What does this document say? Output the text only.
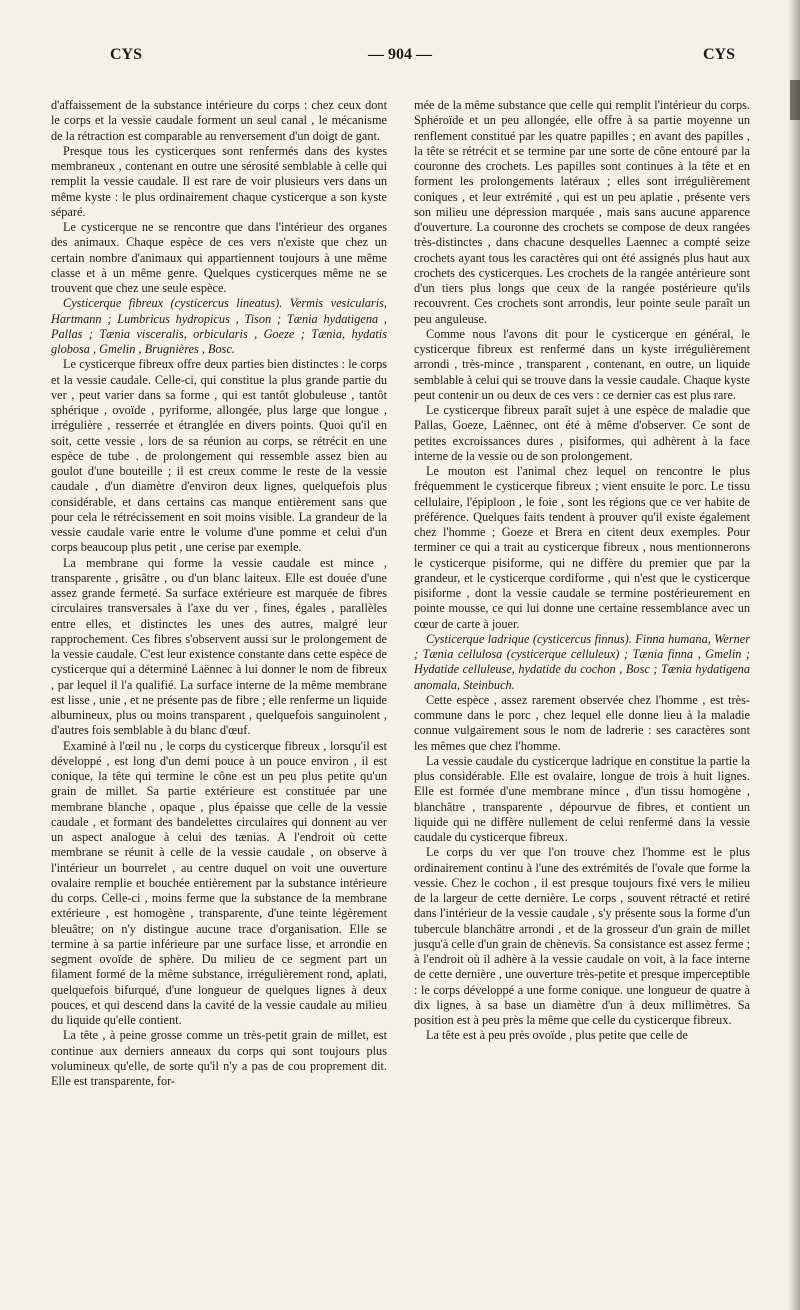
CYS	— 904 —	CYS

d'affaissement de la substance intérieure du corps : chez ceux dont le corps et la vessie caudale forment un seul canal , le mécanisme de la rétraction est comparable au renversement d'un doigt de gant.

Presque tous les cysticerques sont renfermés dans des kystes membraneux , contenant en outre une sérosité semblable à celle qui remplit la vessie caudale. Il est rare de voir plusieurs vers dans un même kyste : le plus ordinairement chaque cysticerque a son kyste séparé.

Le cysticerque ne se rencontre que dans l'intérieur des organes des animaux. Chaque espèce de ces vers n'existe que chez un certain nombre d'animaux qui appartiennent toujours à une même classe et à un même genre. Quelques cysticerques même ne se trouvent que chez une seule espèce.

Cysticerque fibreux (cysticercus lineatus). Vermis vesicularis, Hartmann ; Lumbricus hydropicus , Tison ; Tænia hydatigena , Pallas ; Tænia visceralis, orbicularis , Goeze ; Tænia, hydatis globosa , Gmelin , Brugnières , Bosc.

Le cysticerque fibreux offre deux parties bien distinctes : le corps et la vessie caudale. Celle-ci, qui constitue la plus grande partie du ver , peut varier dans sa forme , qui est tantôt globuleuse , tantôt sphérique , ovoïde , pyriforme, allongée, plus large que longue , irrégulière , resserrée et étranglée en divers points. Quoi qu'il en soit, cette vessie , lors de sa réunion au corps, se rétrécit en une espèce de tube . de prolongement qui ressemble assez bien au goulot d'une bouteille ; il est creux comme le reste de la vessie caudale , d'un diamètre d'environ deux lignes, quelquefois plus considérable, et dans certains cas manque entièrement sans que pour cela le rétrécissement en soit moins visible. La grandeur de la vessie caudale varie entre le volume d'une pomme et celui d'un corps beaucoup plus petit , une cerise par exemple.

La membrane qui forme la vessie caudale est mince , transparente , grisâtre , ou d'un blanc laiteux. Elle est douée d'une assez grande fermeté. Sa surface extérieure est marquée de fibres circulaires transversales à l'axe du ver , fines, égales , parallèles entre elles, et distinctes les unes des autres, malgré leur rapprochement. Ces fibres s'observent aussi sur le prolongement de la vessie caudale. C'est leur existence constante dans cette espèce de cysticerque qui a déterminé Laënnec à lui donner le nom de fibreux , par lequel il l'a qualifié. La surface interne de la même membrane est lisse , unie , et ne présente pas de fibre ; elle renferme un liquide albumineux, plus ou moins transparent , quelquefois sanguinolent , d'autres fois semblable à du blanc d'œuf.

Examiné à l'œil nu , le corps du cysticerque fibreux , lorsqu'il est développé , est long d'un demi pouce à un pouce environ , il est conique, la tête qui termine le cône est un peu plus petite qu'un grain de millet. Sa partie extérieure est constituée par une membrane blanche , opaque , plus épaisse que celle de la vessie caudale , et formant des bandelettes circulaires qui donnent au ver un aspect analogue à celui des tænias. A l'endroit où cette membrane se réunit à celle de la vessie caudale , on observe à l'intérieur un bourrelet , au centre duquel on voit une ouverture ovalaire remplie et bouchée entièrement par la substance intérieure du corps. Celle-ci , moins ferme que la substance de la membrane extérieure , est homogène , transparente, d'une teinte légèrement bleuâtre; on n'y distingue aucune trace d'organisation. Elle se termine à sa partie inférieure par une surface lisse, et arrondie en segment ovoïde de sphère. Du milieu de ce segment part un filament formé de la même substance, irrégulièrement rond, aplati, quelquefois bifurqué, d'une longueur de quelques lignes à deux pouces, et qui descend dans la cavité de la vessie caudale au milieu du liquide qu'elle contient.

La tête , à peine grosse comme un très-petit grain de millet, est continue aux derniers anneaux du corps qui sont toujours plus volumineux qu'elle, de sorte qu'il n'y a pas de cou proprement dit. Elle est transparente, for-

mée de la même substance que celle qui remplit l'intérieur du corps. Sphéroïde et un peu allongée, elle offre à sa partie moyenne un renflement constitué par les quatre papilles ; en avant des papilles , la tête se rétrécit et se termine par une sorte de cône entouré par la couronne des crochets. Les papilles sont continues à la tête et en forment les prolongements latéraux ; elles sont irrégulièrement coniques , et leur extrémité , qui est un peu aplatie , présente vers son milieu une dépression marquée , mais sans aucune apparence d'ouverture. La couronne des crochets se compose de deux rangées très-distinctes , dans chacune desquelles Laennec a compté seize crochets ayant tous les caractères qui ont été assignés plus haut aux crochets des cysticerques. Les crochets de la rangée antérieure sont d'un tiers plus longs que ceux de la rangée postérieure qu'ils recouvrent. Ces crochets sont arrondis, leur pointe seule paraît un peu anguleuse.

Comme nous l'avons dit pour le cysticerque en général, le cysticerque fibreux est renfermé dans un kyste irrégulièrement arrondi , très-mince , transparent , contenant, en outre, un liquide semblable à celui qui se trouve dans la vessie caudale. Chaque kyste peut contenir un ou deux de ces vers : ce dernier cas est plus rare.

Le cysticerque fibreux paraît sujet à une espèce de maladie que Pallas, Goeze, Laënnec, ont été à même d'observer. Ce sont de petites excroissances dures , pisiformes, qui adhèrent à la face interne de la vessie ou de son prolongement.

Le mouton est l'animal chez lequel on rencontre le plus fréquemment le cysticerque fibreux ; vient ensuite le porc. Le tissu cellulaire, l'épiploon , le foie , sont les régions que ce ver habite de préférence. Quelques faits tendent à prouver qu'il existe également chez l'homme ; Goeze et Brera en citent deux exemples. Pour terminer ce qui a trait au cysticerque fibreux , nous mentionnerons le cysticerque pisiforme, qui ne diffère du premier que par la grandeur, et le cysticerque cordiforme , qui n'est que le cysticerque pisiforme , dont la vessie caudale se termine postérieurement en pointe mousse, ce qui lui donne une certaine ressemblance avec un cœur de carte à jouer.

Cysticerque ladrique (cysticercus finnus). Finna humana, Werner ; Tænia cellulosa (cysticerque celluleux) ; Tænia finna , Gmelin ; Hydatide celluleuse, hydatide du cochon , Bosc ; Tænia hydatigena anomala, Steinbuch.

Cette espèce , assez rarement observée chez l'homme , est très-commune dans le porc , chez lequel elle donne lieu à la maladie connue vulgairement sous le nom de ladrerie : ses caractères sont les mêmes que chez l'homme.

La vessie caudale du cysticerque ladrique en constitue la partie la plus considérable. Elle est ovalaire, longue de trois à huit lignes. Elle est formée d'une membrane mince , d'un tissu homogène , blanchâtre , transparente , dépourvue de fibres, et contient un liquide qui ne diffère nullement de celui renfermé dans la vessie caudale du cysticerque fibreux.

Le corps du ver que l'on trouve chez l'homme est le plus ordinairement continu à l'une des extrémités de l'ovale que forme la vessie. Chez le cochon , il est presque toujours fixé vers le milieu de la largeur de cette dernière. Le corps , souvent rétracté et retiré dans l'intérieur de la vessie caudale , s'y présente sous la forme d'un tubercule blanchâtre arrondi , et de la grosseur d'un grain de millet jusqu'à celle d'un grain de chènevis. Sa consistance est assez ferme ; à l'endroit où il adhère à la vessie caudale on voit, à la face interne de cette dernière , une ouverture très-petite et presque imperceptible : le corps développé a une forme conique. une longueur de quatre à dix lignes, à sa base un diamètre d'un à deux millimètres. Sa position est à peu près la même que celle du cysticerque fibreux.

La tête est à peu près ovoïde , plus petite que celle de
